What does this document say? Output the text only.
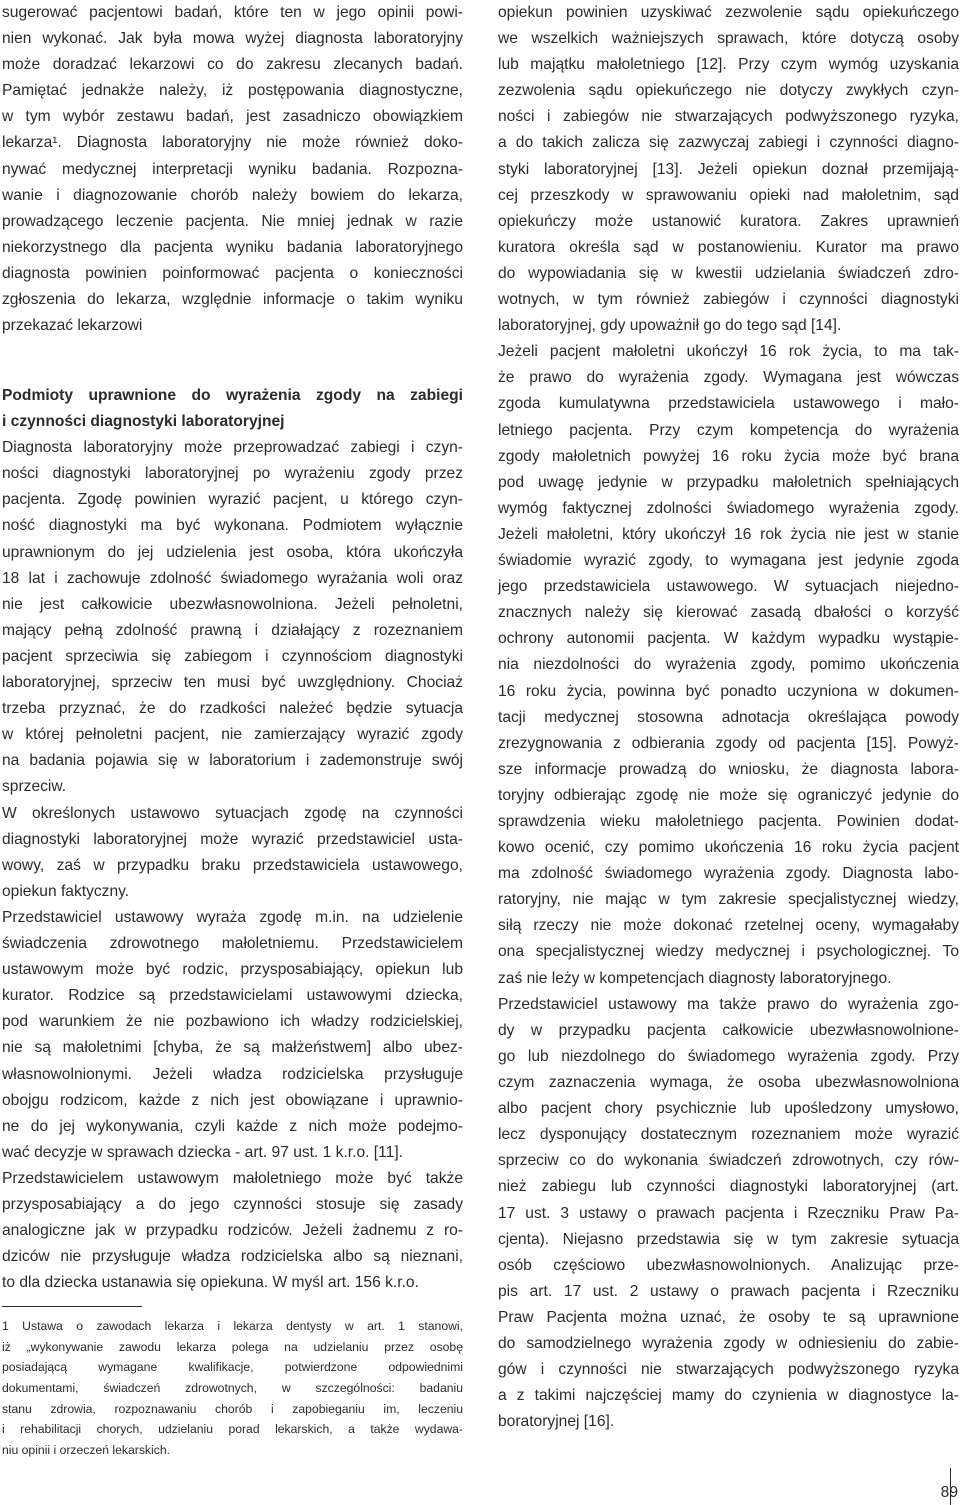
sugerować pacjentowi badań, które ten w jego opinii powi-
nien wykonać. Jak była mowa wyżej diagnosta laboratoryjny
może doradzać lekarzowi co do zakresu zlecanych badań.
Pamiętać jednakże należy, iż postępowania diagnostyczne,
w tym wybór zestawu badań, jest zasadniczo obowiązkiem
lekarza¹. Diagnosta laboratoryjny nie może również doko-
nywać medycznej interpretacji wyniku badania. Rozpozna-
wanie i diagnozowanie chorób należy bowiem do lekarza,
prowadzącego leczenie pacjenta. Nie mniej jednak w razie
niekorzystnego dla pacjenta wyniku badania laboratoryjnego
diagnosta powinien poinformować pacjenta o konieczności
zgłoszenia do lekarza, względnie informacje o takim wyniku
przekazać lekarzowi
Podmioty uprawnione do wyrażenia zgody na zabiegi
i czynności diagnostyki laboratoryjnej
Diagnosta laboratoryjny może przeprowadzać zabiegi i czyn-
ności diagnostyki laboratoryjnej po wyrażeniu zgody przez
pacjenta. Zgodę powinien wyrazić pacjent, u którego czyn-
ność diagnostyki ma być wykonana. Podmiotem wyłącznie
uprawnionym do jej udzielenia jest osoba, która ukończyła
18 lat i zachowuje zdolność świadomego wyrażania woli oraz
nie jest całkowicie ubezwłasnowolniona. Jeżeli pełnoletni,
mający pełną zdolność prawną i działający z rozeznaniem
pacjent sprzeciwia się zabiegom i czynnościom diagnostyki
laboratoryjnej, sprzeciw ten musi być uwzględniony. Chociaż
trzeba przyznać, że do rzadkości należeć będzie sytuacja
w której pełnoletni pacjent, nie zamierzający wyrazić zgody
na badania pojawia się w laboratorium i zademonstruje swój
sprzeciw.
W określonych ustawowo sytuacjach zgodę na czynności
diagnostyki laboratoryjnej może wyrazić przedstawiciel usta-
wowy, zaś w przypadku braku przedstawiciela ustawowego,
opiekun faktyczny.
Przedstawiciel ustawowy wyraża zgodę m.in. na udzielenie
świadczenia zdrowotnego małoletniemu. Przedstawicielem
ustawowym może być rodzic, przysposabiający, opiekun lub
kurator. Rodzice są przedstawicielami ustawowymi dziecka,
pod warunkiem że nie pozbawiono ich władzy rodzicielskiej,
nie są małoletnimi [chyba, że są małżeństwem] albo ubez-
własnowolnionymi. Jeżeli władza rodzicielska przysługuje
obojgu rodzicom, każde z nich jest obowiązane i uprawnio-
ne do jej wykonywania, czyli każde z nich może podejmo-
wać decyzje w sprawach dziecka - art. 97 ust. 1 k.r.o. [11].
Przedstawicielem ustawowym małoletniego może być także
przysposabiający a do jego czynności stosuje się zasady
analogiczne jak w przypadku rodziców. Jeżeli żadnemu z ro-
dziców nie przysługuje władza rodzicielska albo są nieznani,
to dla dziecka ustanawia się opiekuna. W myśl art. 156 k.r.o.
1 Ustawa o zawodach lekarza i lekarza dentysty w art. 1 stanowi,
iż „wykonywanie zawodu lekarza polega na udzielaniu przez osobę
posiadającą wymagane kwalifikacje, potwierdzone odpowiednimi
dokumentami, świadczeń zdrowotnych, w szczególności: badaniu
stanu zdrowia, rozpoznawaniu chorób i zapobieganiu im, leczeniu
i rehabilitacji chorych, udzielaniu porad lekarskich, a także wydawa-
niu opinii i orzeczeń lekarskich.
opiekun powinien uzyskiwać zezwolenie sądu opiekuńczego
we wszelkich ważniejszych sprawach, które dotyczą osoby
lub majątku małoletniego [12]. Przy czym wymóg uzyskania
zezwolenia sądu opiekuńczego nie dotyczy zwykłych czyn-
ności i zabiegów nie stwarzających podwyższonego ryzyka,
a do takich zalicza się zazwyczaj zabiegi i czynności diagno-
styki laboratoryjnej [13]. Jeżeli opiekun doznał przemijają-
cej przeszkody w sprawowaniu opieki nad małoletnim, sąd
opiekuńczy może ustanowić kuratora. Zakres uprawnień
kuratora określa sąd w postanowieniu. Kurator ma prawo
do wypowiadania się w kwestii udzielania świadczeń zdro-
wotnych, w tym również zabiegów i czynności diagnostyki
laboratoryjnej, gdy upoważnił go do tego sąd [14].
Jeżeli pacjent małoletni ukończył 16 rok życia, to ma tak-
że prawo do wyrażenia zgody. Wymagana jest wówczas
zgoda kumulatywna przedstawiciela ustawowego i mało-
letniego pacjenta. Przy czym kompetencja do wyrażenia
zgody małoletnich powyżej 16 roku życia może być brana
pod uwagę jedynie w przypadku małoletnich spełniających
wymóg faktycznej zdolności świadomego wyrażenia zgody.
Jeżeli małoletni, który ukończył 16 rok życia nie jest w stanie
świadomie wyrazić zgody, to wymagana jest jedynie zgoda
jego przedstawiciela ustawowego. W sytuacjach niejedno-
znacznych należy się kierować zasadą dbałości o korzyść
ochrony autonomii pacjenta. W każdym wypadku wystąpie-
nia niezdolności do wyrażenia zgody, pomimo ukończenia
16 roku życia, powinna być ponadto uczyniona w dokumen-
tacji medycznej stosowna adnotacja określająca powody
zrezygnowania z odbierania zgody od pacjenta [15]. Powyż-
sze informacje prowadzą do wniosku, że diagnosta labora-
toryjny odbierając zgodę nie może się ograniczyć jedynie do
sprawdzenia wieku małoletniego pacjenta. Powinien dodat-
kowo ocenić, czy pomimo ukończenia 16 roku życia pacjent
ma zdolność świadomego wyrażenia zgody. Diagnosta labo-
ratoryjny, nie mając w tym zakresie specjalistycznej wiedzy,
siłą rzeczy nie może dokonać rzetelnej oceny, wymagałaby
ona specjalistycznej wiedzy medycznej i psychologicznej. To
zaś nie leży w kompetencjach diagnosty laboratoryjnego.
Przedstawiciel ustawowy ma także prawo do wyrażenia zgo-
dy w przypadku pacjenta całkowicie ubezwłasnowolnione-
go lub niezdolnego do świadomego wyrażenia zgody. Przy
czym zaznaczenia wymaga, że osoba ubezwłasnowolniona
albo pacjent chory psychicznie lub upośledzony umysłowo,
lecz dysponujący dostatecznym rozeznaniem może wyrazić
sprzeciw co do wykonania świadczeń zdrowotnych, czy rów-
nież zabiegu lub czynności diagnostyki laboratoryjnej (art.
17 ust. 3 ustawy o prawach pacjenta i Rzeczniku Praw Pa-
cjenta). Niejasno przedstawia się w tym zakresie sytuacja
osób częściowo ubezwłasnowolnionych. Analizując prze-
pis art. 17 ust. 2 ustawy o prawach pacjenta i Rzeczniku
Praw Pacjenta można uznać, że osoby te są uprawnione
do samodzielnego wyrażenia zgody w odniesieniu do zabie-
gów i czynności nie stwarzających podwyższonego ryzyka
a z takimi najczęściej mamy do czynienia w diagnostyce la-
boratoryjnej [16].
89
